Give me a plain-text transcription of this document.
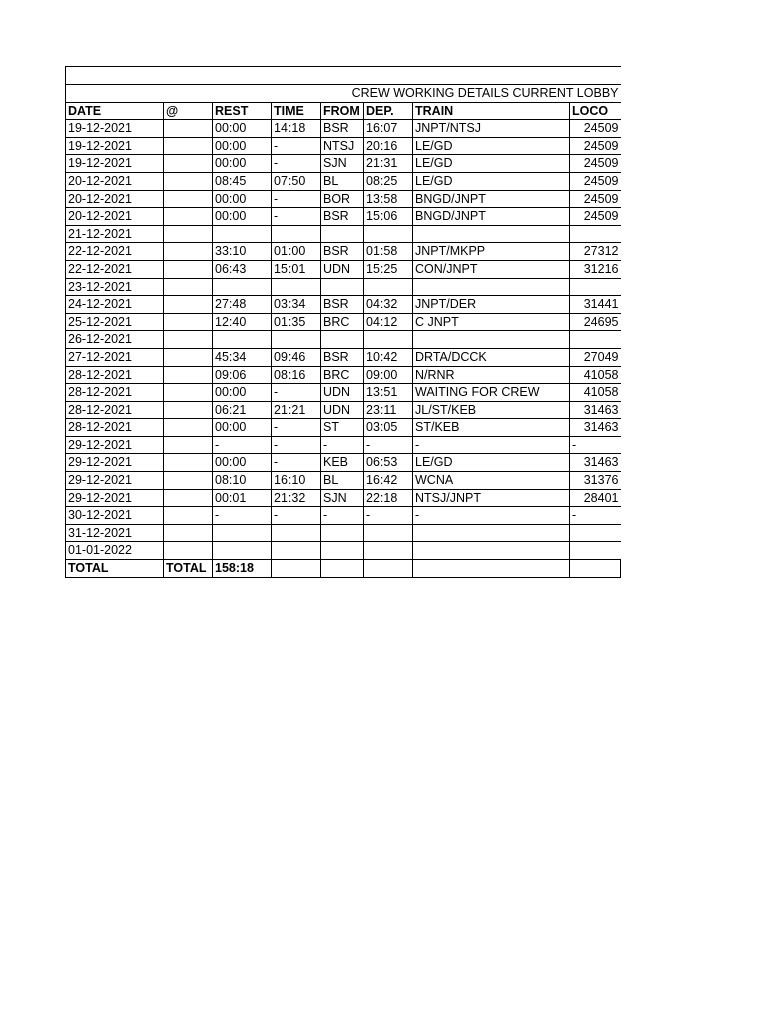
CREW WORKING DETAILS CURRENT LOBBY							
DATE	@	REST	TIME	FROM	DEP.	TRAIN	LOCO
19-12-2021		00:00	14:18	BSR	16:07	JNPT/NTSJ	24509
19-12-2021		00:00	-	NTSJ	20:16	LE/GD	24509
19-12-2021		00:00	-	SJN	21:31	LE/GD	24509
20-12-2021		08:45	07:50	BL	08:25	LE/GD	24509
20-12-2021		00:00	-	BOR	13:58	BNGD/JNPT	24509
20-12-2021		00:00	-	BSR	15:06	BNGD/JNPT	24509
21-12-2021							
22-12-2021		33:10	01:00	BSR	01:58	JNPT/MKPP	27312
22-12-2021		06:43	15:01	UDN	15:25	CON/JNPT	31216
23-12-2021							
24-12-2021		27:48	03:34	BSR	04:32	JNPT/DER	31441
25-12-2021		12:40	01:35	BRC	04:12	C JNPT	24695
26-12-2021							
27-12-2021		45:34	09:46	BSR	10:42	DRTA/DCCK	27049
28-12-2021		09:06	08:16	BRC	09:00	N/RNR	41058
28-12-2021		00:00	-	UDN	13:51	WAITING FOR CREW	41058
28-12-2021		06:21	21:21	UDN	23:11	JL/ST/KEB	31463
28-12-2021		00:00	-	ST	03:05	ST/KEB	31463
29-12-2021		-	-	-	-	-	-
29-12-2021		00:00	-	KEB	06:53	LE/GD	31463
29-12-2021		08:10	16:10	BL	16:42	WCNA	31376
29-12-2021		00:01	21:32	SJN	22:18	NTSJ/JNPT	28401
30-12-2021		-	-	-	-	-	-
31-12-2021							
01-01-2022							
TOTAL	TOTAL	158:18					
